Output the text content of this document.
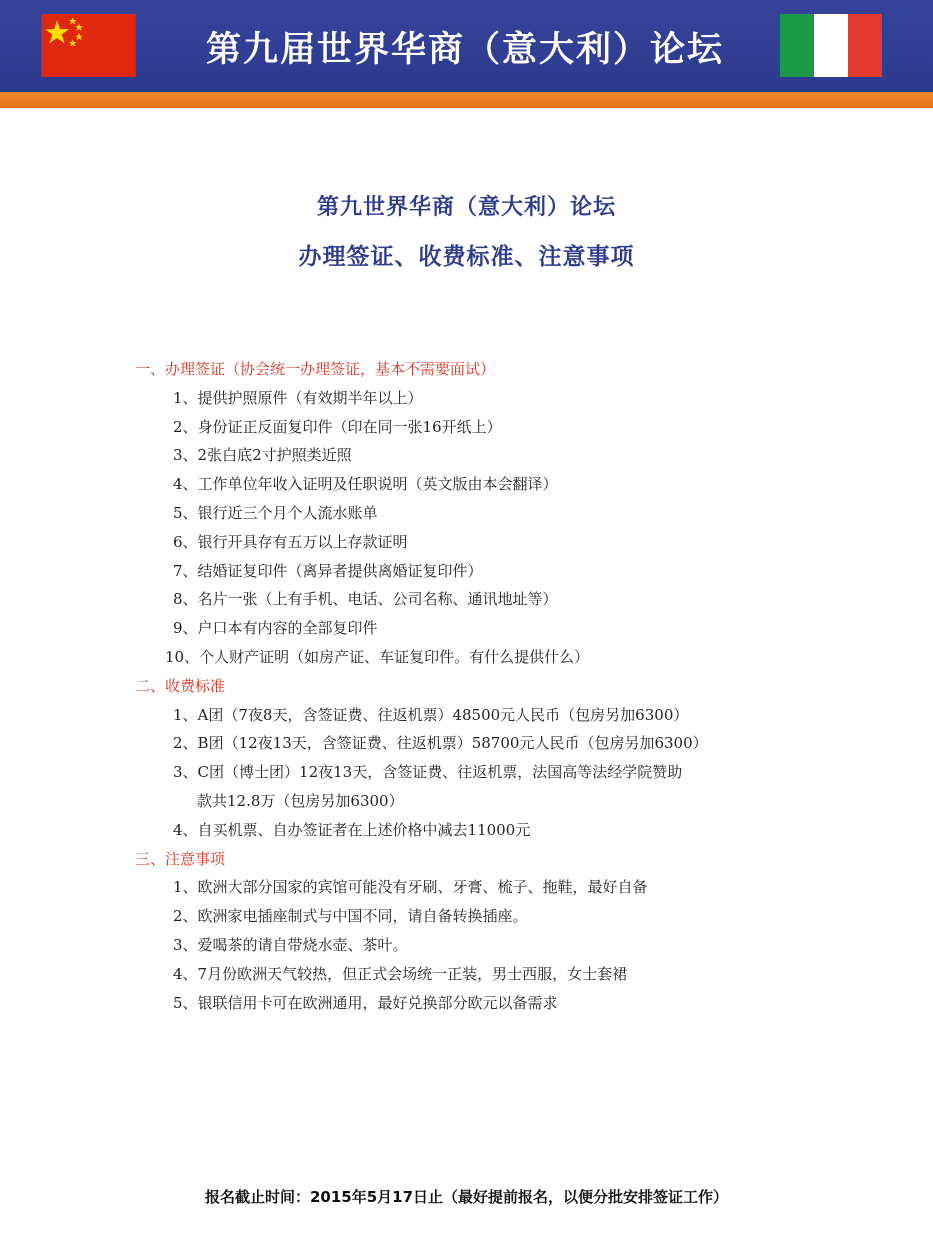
第九届世界华商（意大利）论坛
第九世界华商（意大利）论坛
办理签证、收费标准、注意事项
一、办理签证（协会统一办理签证，基本不需要面试）
1、提供护照原件（有效期半年以上）
2、身份证正反面复印件（印在同一张16开纸上）
3、2张白底2寸护照类近照
4、工作单位年收入证明及任职说明（英文版由本会翻译）
5、银行近三个月个人流水账单
6、银行开具存有五万以上存款证明
7、结婚证复印件（离异者提供离婚证复印件）
8、名片一张（上有手机、电话、公司名称、通讯地址等）
9、户口本有内容的全部复印件
10、个人财产证明（如房产证、车证复印件。有什么提供什么）
二、收费标准
1、A团（7夜8天，含签证费、往返机票）48500元人民币（包房另加6300）
2、B团（12夜13天，含签证费、往返机票）58700元人民币（包房另加6300）
3、C团（博士团）12夜13天，含签证费、往返机票，法国高等法经学院赞助
款共12.8万（包房另加6300）
4、自买机票、自办签证者在上述价格中减去11000元
三、注意事项
1、欧洲大部分国家的宾馆可能没有牙刷、牙膏、梳子、拖鞋，最好自备
2、欧洲家电插座制式与中国不同，请自备转换插座。
3、爱喝茶的请自带烧水壶、茶叶。
4、7月份欧洲天气较热，但正式会场统一正装，男士西服，女士套裙
5、银联信用卡可在欧洲通用，最好兑换部分欧元以备需求
报名截止时间：2015年5月17日止（最好提前报名，以便分批安排签证工作）
